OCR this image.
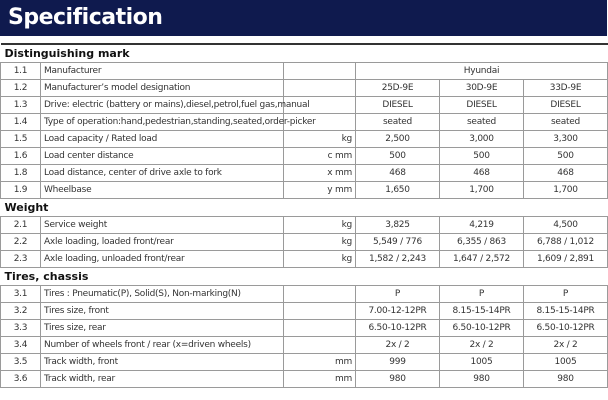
Specification
Distinguishing mark					
1.1	Manufacturer		Hyundai		
1.2	Manufacturer’s model designation		25D-9E	30D-9E	33D-9E
1.3	Drive: electric (battery or mains),diesel,petrol,fuel gas,manual		DIESEL	DIESEL	DIESEL
1.4	Type of operation:hand,pedestrian,standing,seated,order-picker		seated	seated	seated
1.5	Load capacity / Rated load	kg	2,500	3,000	3,300
1.6	Load center distance	c mm	500	500	500
1.8	Load distance, center of drive axle to fork	x mm	468	468	468
1.9	Wheelbase	y mm	1,650	1,700	1,700
Weight					
2.1	Service weight	kg	3,825	4,219	4,500
2.2	Axle loading, loaded front/rear	kg	5,549 / 776	6,355 / 863	6,788 / 1,012
2.3	Axle loading, unloaded front/rear	kg	1,582 / 2,243	1,647 / 2,572	1,609 / 2,891
Tires, chassis					
3.1	Tires : Pneumatic(P), Solid(S), Non-marking(N)		P	P	P
3.2	Tires size, front		7.00-12-12PR	8.15-15-14PR	8.15-15-14PR
3.3	Tires size, rear		6.50-10-12PR	6.50-10-12PR	6.50-10-12PR
3.4	Number of wheels front / rear (x=driven wheels)		2x / 2	2x / 2	2x / 2
3.5	Track width, front	mm	999	1005	1005
3.6	Track width, rear	mm	980	980	980
